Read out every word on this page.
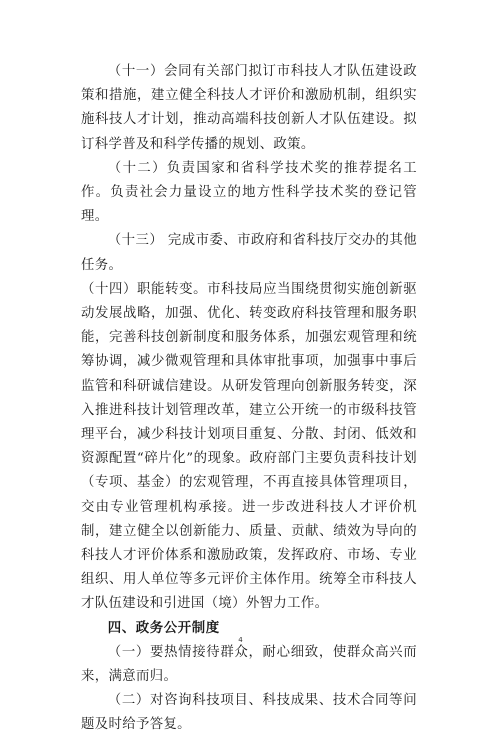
（十一）会同有关部门拟订市科技人才队伍建设政策和措施，建立健全科技人才评价和激励机制，组织实施科技人才计划，推动高端科技创新人才队伍建设。拟订科学普及和科学传播的规划、政策。

（十二）负责国家和省科学技术奖的推荐提名工作。负责社会力量设立的地方性科学技术奖的登记管理。

（十三） 完成市委、市政府和省科技厅交办的其他任务。

（十四）职能转变。市科技局应当围绕贯彻实施创新驱动发展战略，加强、优化、转变政府科技管理和服务职能，完善科技创新制度和服务体系，加强宏观管理和统筹协调，减少微观管理和具体审批事项，加强事中事后监管和科研诚信建设。从研发管理向创新服务转变，深入推进科技计划管理改革，建立公开统一的市级科技管理平台，减少科技计划项目重复、分散、封闭、低效和资源配置“碎片化”的现象。政府部门主要负责科技计划（专项、基金）的宏观管理，不再直接具体管理项目，交由专业管理机构承接。进一步改进科技人才评价机制，建立健全以创新能力、质量、贡献、绩效为导向的科技人才评价体系和激励政策，发挥政府、市场、专业组织、用人单位等多元评价主体作用。统筹全市科技人才队伍建设和引进国（境）外智力工作。

四、政务公开制度

（一）要热情接待群众，耐心细致，使群众高兴而来，满意而归。

（二）对咨询科技项目、科技成果、技术合同等问题及时给予答复。

4
